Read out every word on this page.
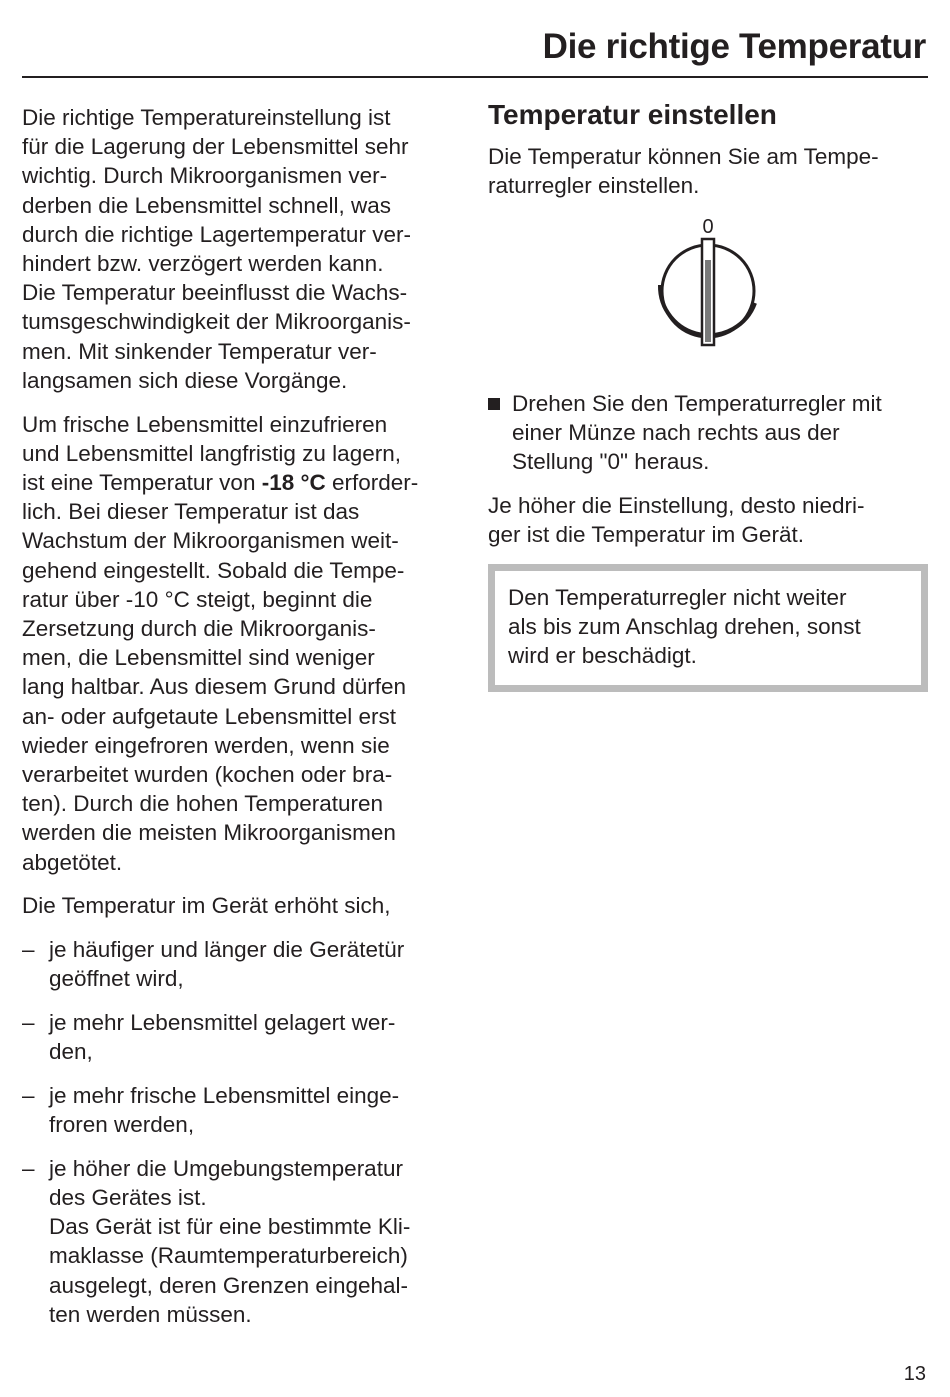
Die richtige Temperatur

Die richtige Temperatureinstellung ist
für die Lagerung der Lebensmittel sehr
wichtig. Durch Mikroorganismen ver-
derben die Lebensmittel schnell, was
durch die richtige Lagertemperatur ver-
hindert bzw. verzögert werden kann.
Die Temperatur beeinflusst die Wachs-
tumsgeschwindigkeit der Mikroorganis-
men. Mit sinkender Temperatur ver-
langsamen sich diese Vorgänge.

Um frische Lebensmittel einzufrieren
und Lebensmittel langfristig zu lagern,
ist eine Temperatur von -18 °C erforder-
lich. Bei dieser Temperatur ist das
Wachstum der Mikroorganismen weit-
gehend eingestellt. Sobald die Tempe-
ratur über -10 °C steigt, beginnt die
Zersetzung durch die Mikroorganis-
men, die Lebensmittel sind weniger
lang haltbar. Aus diesem Grund dürfen
an- oder aufgetaute Lebensmittel erst
wieder eingefroren werden, wenn sie
verarbeitet wurden (kochen oder bra-
ten). Durch die hohen Temperaturen
werden die meisten Mikroorganismen
abgetötet.

Die Temperatur im Gerät erhöht sich,

– je häufiger und länger die Gerätetür
geöffnet wird,
– je mehr Lebensmittel gelagert wer-
den,
– je mehr frische Lebensmittel einge-
froren werden,
– je höher die Umgebungstemperatur
des Gerätes ist.
Das Gerät ist für eine bestimmte Kli-
maklasse (Raumtemperaturbereich)
ausgelegt, deren Grenzen eingehal-
ten werden müssen.
Temperatur einstellen

Die Temperatur können Sie am Tempe-
raturregler einstellen.

0
Drehen Sie den Temperaturregler mit
einer Münze nach rechts aus der
Stellung "0" heraus.

Je höher die Einstellung, desto niedri-
ger ist die Temperatur im Gerät.

Den Temperaturregler nicht weiter
als bis zum Anschlag drehen, sonst
wird er beschädigt.
13
